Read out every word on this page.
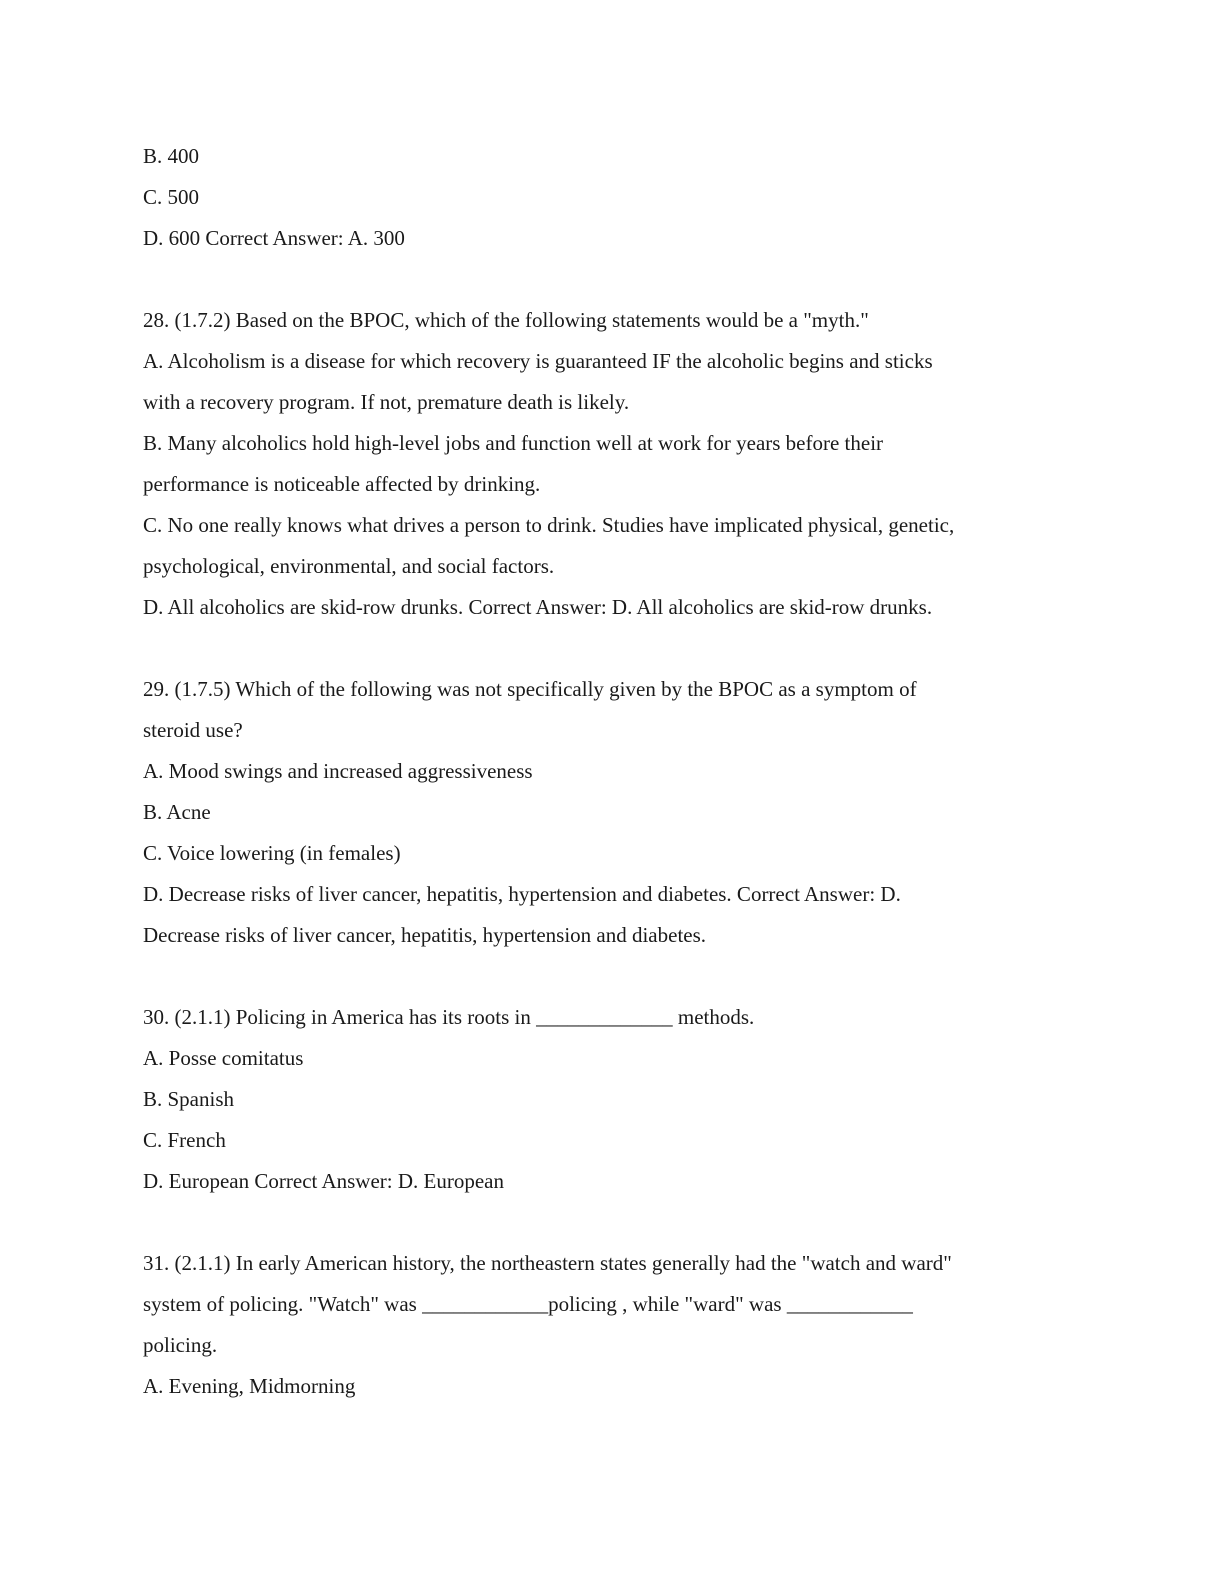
B. 400
C. 500
D. 600 Correct Answer: A. 300
28. (1.7.2) Based on the BPOC, which of the following statements would be a "myth."
A. Alcoholism is a disease for which recovery is guaranteed IF the alcoholic begins and sticks
with a recovery program. If not, premature death is likely.
B. Many alcoholics hold high-level jobs and function well at work for years before their
performance is noticeable affected by drinking.
C. No one really knows what drives a person to drink. Studies have implicated physical, genetic,
psychological, environmental, and social factors.
D. All alcoholics are skid-row drunks. Correct Answer: D. All alcoholics are skid-row drunks.
29. (1.7.5) Which of the following was not specifically given by the BPOC as a symptom of
steroid use?
A. Mood swings and increased aggressiveness
B. Acne
C. Voice lowering (in females)
D. Decrease risks of liver cancer, hepatitis, hypertension and diabetes. Correct Answer: D.
Decrease risks of liver cancer, hepatitis, hypertension and diabetes.
30. (2.1.1) Policing in America has its roots in _____________ methods.
A. Posse comitatus
B. Spanish
C. French
D. European Correct Answer: D. European
31. (2.1.1) In early American history, the northeastern states generally had the "watch and ward"
system of policing. "Watch" was ____________policing , while "ward" was ____________
policing.
A. Evening, Midmorning
